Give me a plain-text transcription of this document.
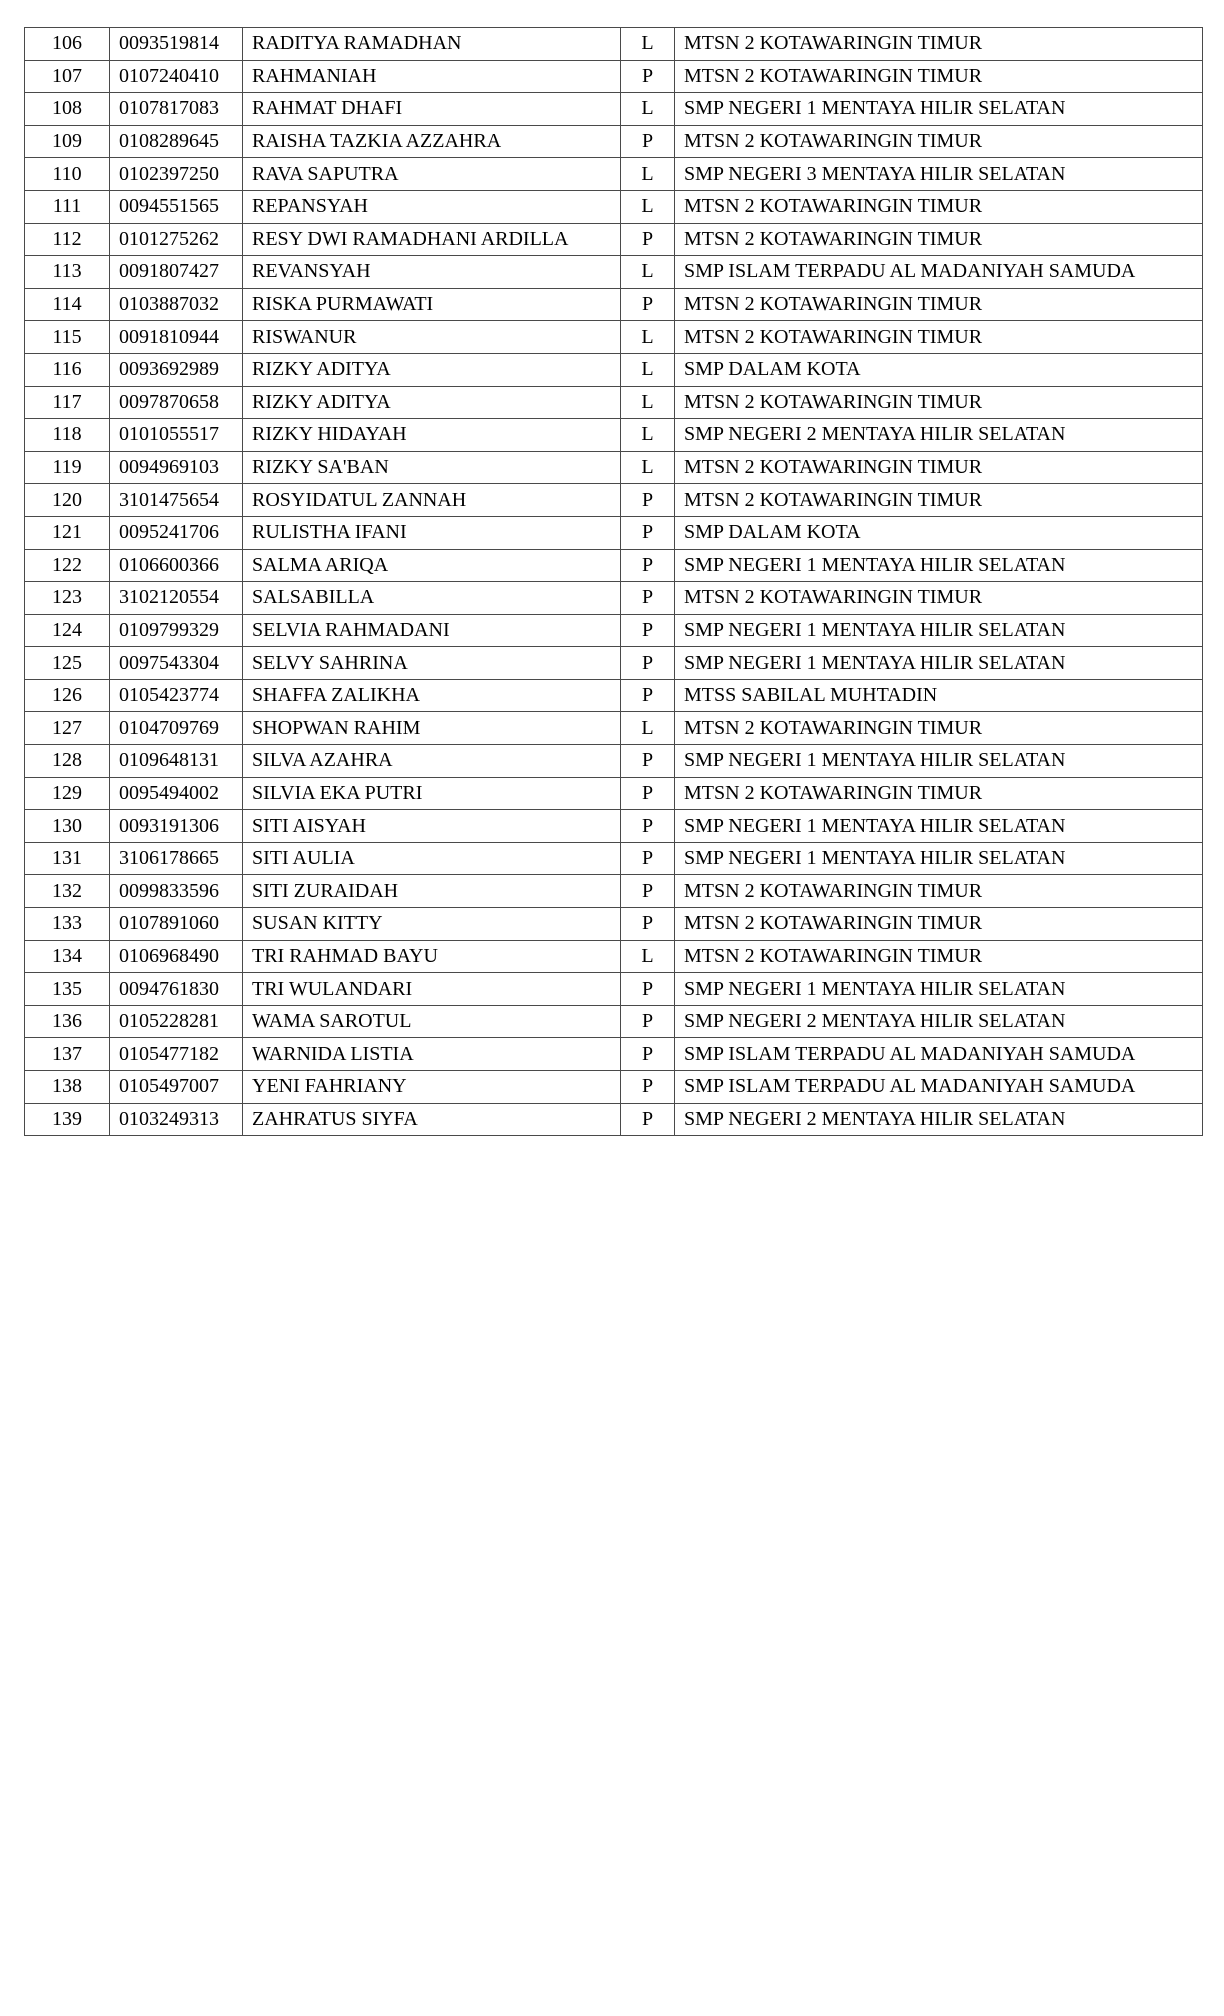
106	0093519814	RADITYA RAMADHAN	L	MTSN 2 KOTAWARINGIN TIMUR
107	0107240410	RAHMANIAH	P	MTSN 2 KOTAWARINGIN TIMUR
108	0107817083	RAHMAT DHAFI	L	SMP NEGERI 1 MENTAYA HILIR SELATAN
109	0108289645	RAISHA TAZKIA AZZAHRA	P	MTSN 2 KOTAWARINGIN TIMUR
110	0102397250	RAVA SAPUTRA	L	SMP NEGERI 3 MENTAYA HILIR SELATAN
111	0094551565	REPANSYAH	L	MTSN 2 KOTAWARINGIN TIMUR
112	0101275262	RESY DWI RAMADHANI ARDILLA	P	MTSN 2 KOTAWARINGIN TIMUR
113	0091807427	REVANSYAH	L	SMP ISLAM TERPADU AL MADANIYAH SAMUDA
114	0103887032	RISKA PURMAWATI	P	MTSN 2 KOTAWARINGIN TIMUR
115	0091810944	RISWANUR	L	MTSN 2 KOTAWARINGIN TIMUR
116	0093692989	RIZKY ADITYA	L	SMP DALAM KOTA
117	0097870658	RIZKY ADITYA	L	MTSN 2 KOTAWARINGIN TIMUR
118	0101055517	RIZKY HIDAYAH	L	SMP NEGERI 2 MENTAYA HILIR SELATAN
119	0094969103	RIZKY SA'BAN	L	MTSN 2 KOTAWARINGIN TIMUR
120	3101475654	ROSYIDATUL ZANNAH	P	MTSN 2 KOTAWARINGIN TIMUR
121	0095241706	RULISTHA IFANI	P	SMP DALAM KOTA
122	0106600366	SALMA ARIQA	P	SMP NEGERI 1 MENTAYA HILIR SELATAN
123	3102120554	SALSABILLA	P	MTSN 2 KOTAWARINGIN TIMUR
124	0109799329	SELVIA RAHMADANI	P	SMP NEGERI 1 MENTAYA HILIR SELATAN
125	0097543304	SELVY SAHRINA	P	SMP NEGERI 1 MENTAYA HILIR SELATAN
126	0105423774	SHAFFA ZALIKHA	P	MTSS SABILAL MUHTADIN
127	0104709769	SHOPWAN RAHIM	L	MTSN 2 KOTAWARINGIN TIMUR
128	0109648131	SILVA AZAHRA	P	SMP NEGERI 1 MENTAYA HILIR SELATAN
129	0095494002	SILVIA EKA PUTRI	P	MTSN 2 KOTAWARINGIN TIMUR
130	0093191306	SITI AISYAH	P	SMP NEGERI 1 MENTAYA HILIR SELATAN
131	3106178665	SITI AULIA	P	SMP NEGERI 1 MENTAYA HILIR SELATAN
132	0099833596	SITI ZURAIDAH	P	MTSN 2 KOTAWARINGIN TIMUR
133	0107891060	SUSAN KITTY	P	MTSN 2 KOTAWARINGIN TIMUR
134	0106968490	TRI RAHMAD BAYU	L	MTSN 2 KOTAWARINGIN TIMUR
135	0094761830	TRI WULANDARI	P	SMP NEGERI 1 MENTAYA HILIR SELATAN
136	0105228281	WAMA SAROTUL	P	SMP NEGERI 2 MENTAYA HILIR SELATAN
137	0105477182	WARNIDA LISTIA	P	SMP ISLAM TERPADU AL MADANIYAH SAMUDA
138	0105497007	YENI FAHRIANY	P	SMP ISLAM TERPADU AL MADANIYAH SAMUDA
139	0103249313	ZAHRATUS SIYFA	P	SMP NEGERI 2 MENTAYA HILIR SELATAN
